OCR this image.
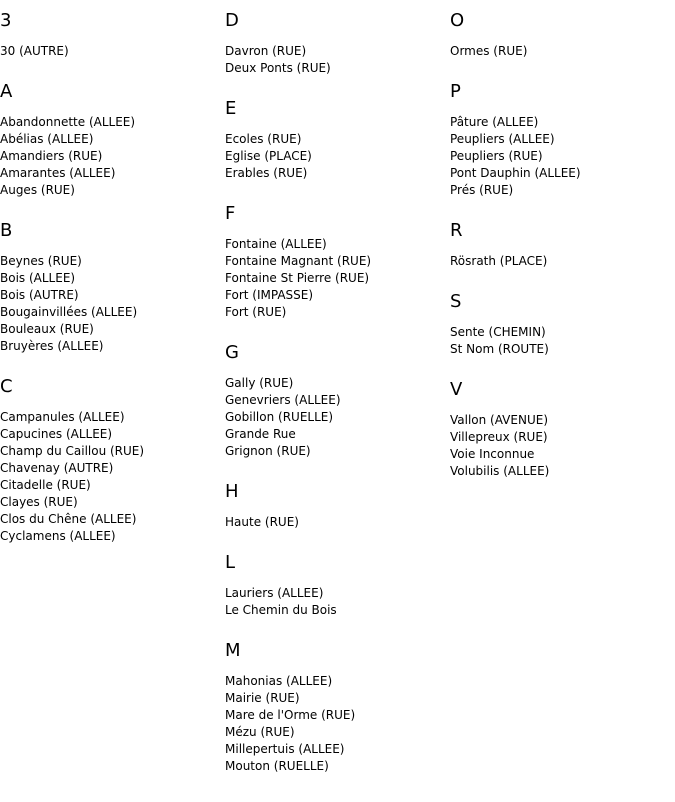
3
30 (AUTRE)
A
Abandonnette (ALLEE)
Abélias (ALLEE)
Amandiers (RUE)
Amarantes (ALLEE)
Auges (RUE)
B
Beynes (RUE)
Bois (ALLEE)
Bois (AUTRE)
Bougainvillées (ALLEE)
Bouleaux (RUE)
Bruyères (ALLEE)
C
Campanules (ALLEE)
Capucines (ALLEE)
Champ du Caillou (RUE)
Chavenay (AUTRE)
Citadelle (RUE)
Clayes (RUE)
Clos du Chêne (ALLEE)
Cyclamens (ALLEE)
D
Davron (RUE)
Deux Ponts (RUE)
E
Ecoles (RUE)
Eglise (PLACE)
Erables (RUE)
F
Fontaine (ALLEE)
Fontaine Magnant (RUE)
Fontaine St Pierre (RUE)
Fort (IMPASSE)
Fort (RUE)
G
Gally (RUE)
Genevriers (ALLEE)
Gobillon (RUELLE)
Grande Rue
Grignon (RUE)
H
Haute (RUE)
L
Lauriers (ALLEE)
Le Chemin du Bois
M
Mahonias (ALLEE)
Mairie (RUE)
Mare de l'Orme (RUE)
Mézu (RUE)
Millepertuis (ALLEE)
Mouton (RUELLE)
O
Ormes (RUE)
P
Pâture (ALLEE)
Peupliers (ALLEE)
Peupliers (RUE)
Pont Dauphin (ALLEE)
Prés (RUE)
R
Rösrath (PLACE)
S
Sente (CHEMIN)
St Nom (ROUTE)
V
Vallon (AVENUE)
Villepreux (RUE)
Voie Inconnue
Volubilis (ALLEE)
